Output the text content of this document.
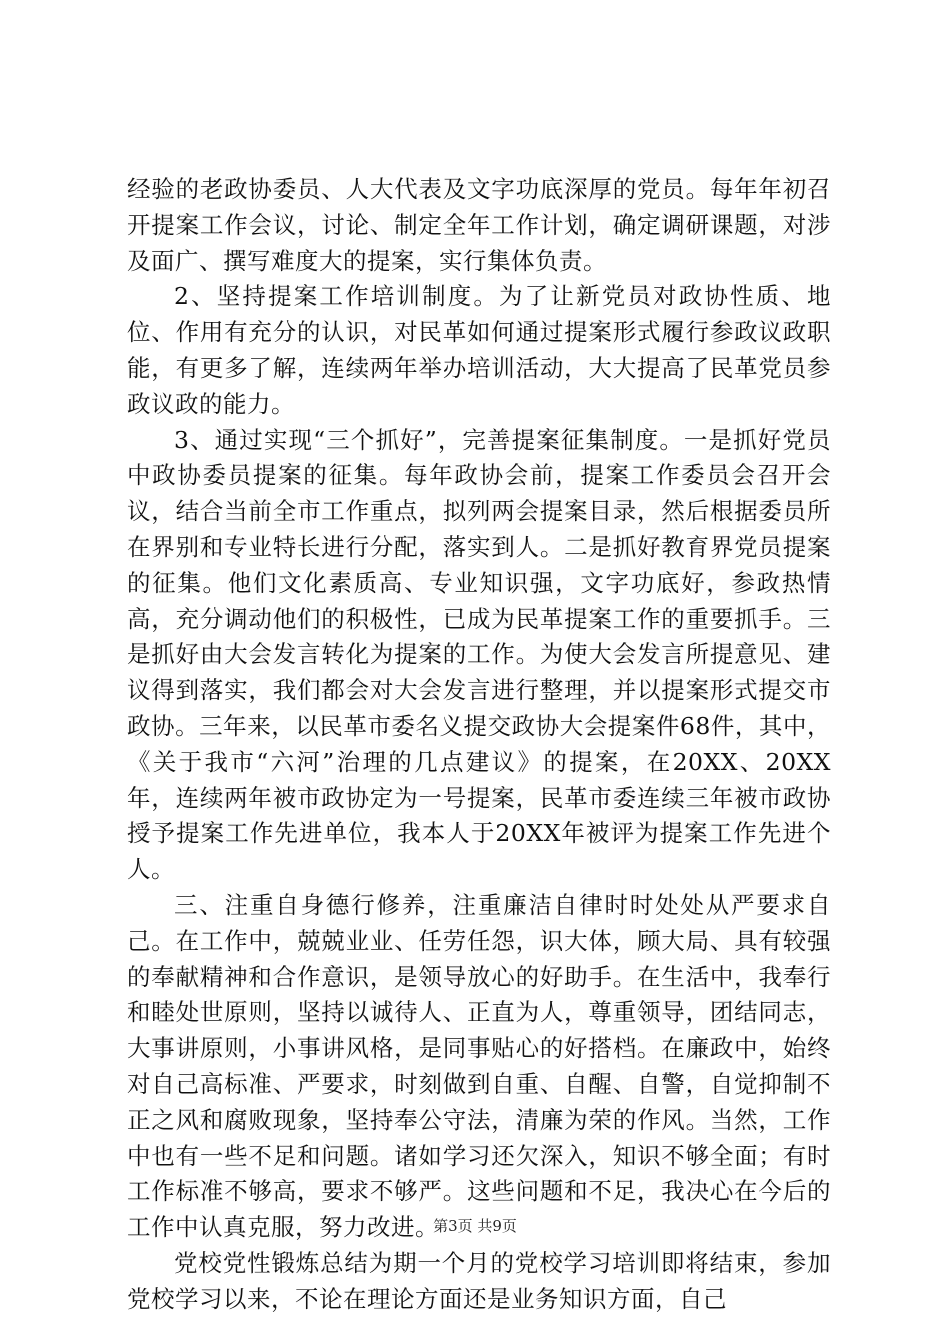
经验的老政协委员、人大代表及文字功底深厚的党员。每年年初召开提案工作会议，讨论、制定全年工作计划，确定调研课题，对涉及面广、撰写难度大的提案，实行集体负责。

2、坚持提案工作培训制度。为了让新党员对政协性质、地位、作用有充分的认识，对民革如何通过提案形式履行参政议政职能，有更多了解，连续两年举办培训活动，大大提高了民革党员参政议政的能力。

3、通过实现“三个抓好”，完善提案征集制度。一是抓好党员中政协委员提案的征集。每年政协会前，提案工作委员会召开会议，结合当前全市工作重点，拟列两会提案目录，然后根据委员所在界别和专业特长进行分配，落实到人。二是抓好教育界党员提案的征集。他们文化素质高、专业知识强，文字功底好，参政热情高，充分调动他们的积极性，已成为民革提案工作的重要抓手。三是抓好由大会发言转化为提案的工作。为使大会发言所提意见、建议得到落实，我们都会对大会发言进行整理，并以提案形式提交市政协。三年来，以民革市委名义提交政协大会提案件68件，其中，《关于我市“六河”治理的几点建议》的提案，在20XX、20XX年，连续两年被市政协定为一号提案，民革市委连续三年被市政协授予提案工作先进单位，我本人于20XX年被评为提案工作先进个人。

三、注重自身德行修养，注重廉洁自律时时处处从严要求自己。在工作中，兢兢业业、任劳任怨，识大体，顾大局、具有较强的奉献精神和合作意识，是领导放心的好助手。在生活中，我奉行和睦处世原则，坚持以诚待人、正直为人，尊重领导，团结同志，大事讲原则，小事讲风格，是同事贴心的好搭档。在廉政中，始终对自己高标准、严要求，时刻做到自重、自醒、自警，自觉抑制不正之风和腐败现象，坚持奉公守法，清廉为荣的作风。当然，工作中也有一些不足和问题。诸如学习还欠深入，知识不够全面；有时工作标准不够高，要求不够严。这些问题和不足，我决心在今后的工作中认真克服，努力改进。

党校党性锻炼总结为期一个月的党校学习培训即将结束，参加党校学习以来，不论在理论方面还是业务知识方面，自己

第3页 共9页
